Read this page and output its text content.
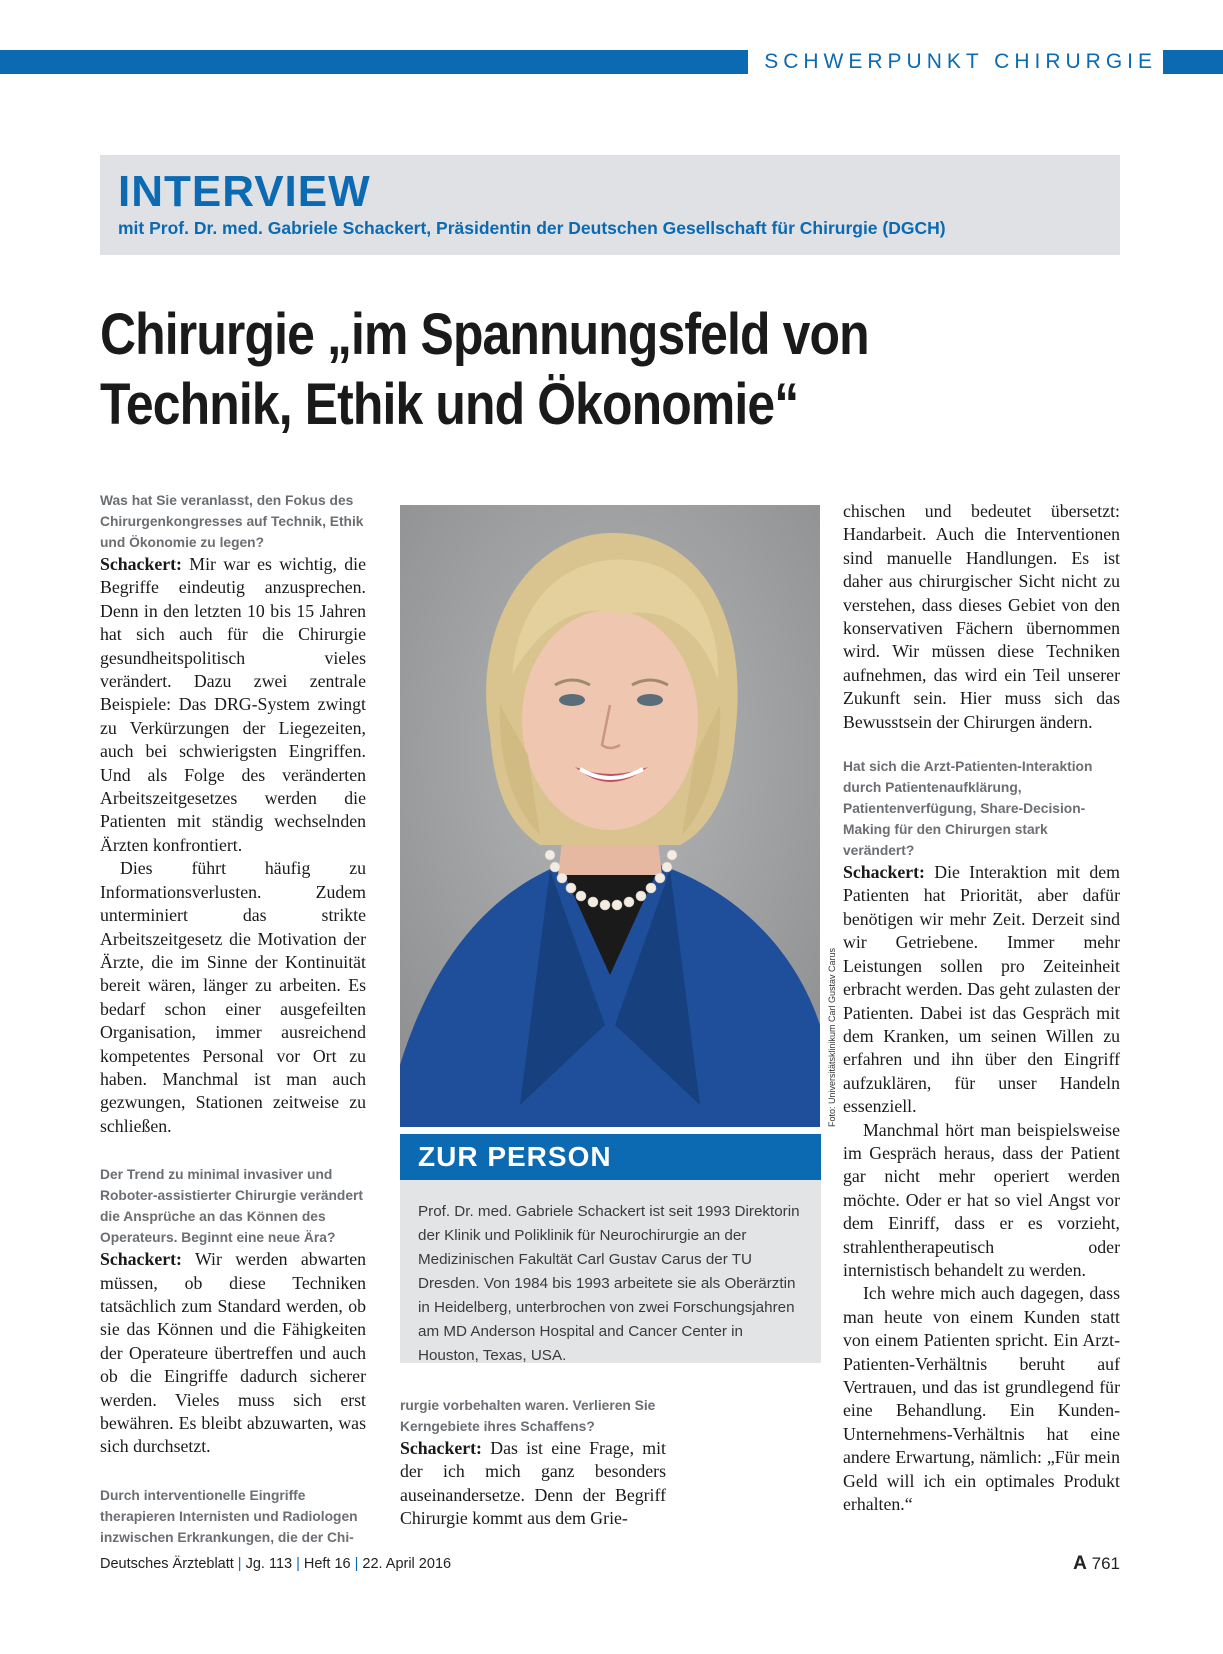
SCHWERPUNKT CHIRURGIE
INTERVIEW
mit Prof. Dr. med. Gabriele Schackert, Präsidentin der Deutschen Gesellschaft für Chirurgie (DGCH)
Chirurgie „im Spannungsfeld von
Technik, Ethik und Ökonomie“

Was hat Sie veranlasst, den Fokus des Chirurgenkongresses auf Technik, Ethik und Ökonomie zu legen?

Schackert: Mir war es wichtig, die Begriffe eindeutig anzusprechen. Denn in den letzten 10 bis 15 Jahren hat sich auch für die Chirurgie gesundheitspolitisch vieles verändert. Dazu zwei zentrale Beispiele: Das DRG-System zwingt zu Verkürzungen der Liegezeiten, auch bei schwierigsten Eingriffen. Und als Folge des veränderten Arbeitszeitgesetzes werden die Patienten mit ständig wechselnden Ärzten konfrontiert.

Dies führt häufig zu Informationsverlusten. Zudem unterminiert das strikte Arbeitszeitgesetz die Motivation der Ärzte, die im Sinne der Kontinuität bereit wären, länger zu arbeiten. Es bedarf schon einer ausgefeilten Organisation, immer ausreichend kompetentes Personal vor Ort zu haben. Manchmal ist man auch gezwungen, Stationen zeitweise zu schließen.

Der Trend zu minimal invasiver und Roboter-assistierter Chirurgie verändert die Ansprüche an das Können des Operateurs. Beginnt eine neue Ära?

Schackert: Wir werden abwarten müssen, ob diese Techniken tatsächlich zum Standard werden, ob sie das Können und die Fähigkeiten der Operateure übertreffen und auch ob die Eingriffe dadurch sicherer werden. Vieles muss sich erst bewähren. Es bleibt abzuwarten, was sich durchsetzt.

Durch interventionelle Eingriffe therapieren Internisten und Radiologen inzwischen Erkrankungen, die der Chi-

Foto: Universitätsklinikum Carl Gustav Carus
ZUR PERSON
Prof. Dr. med. Gabriele Schackert ist seit 1993 Direktorin der Klinik und Poliklinik für Neurochirurgie an der Medizinischen Fakultät Carl Gustav Carus der TU Dresden. Von 1984 bis 1993 arbeitete sie als Oberärztin in Heidelberg, unterbrochen von zwei Forschungsjahren am MD Anderson Hospital and Cancer Center in Houston, Texas, USA.

rurgie vorbehalten waren. Verlieren Sie Kerngebiete ihres Schaffens?

Schackert: Das ist eine Frage, mit der ich mich ganz besonders auseinandersetze. Denn der Begriff Chirurgie kommt aus dem Grie-

chischen und bedeutet übersetzt: Handarbeit. Auch die Interventionen sind manuelle Handlungen. Es ist daher aus chirurgischer Sicht nicht zu verstehen, dass dieses Gebiet von den konservativen Fächern übernommen wird. Wir müssen diese Techniken aufnehmen, das wird ein Teil unserer Zukunft sein. Hier muss sich das Bewusstsein der Chirurgen ändern.

Hat sich die Arzt-Patienten-Interaktion durch Patientenaufklärung, Patientenverfügung, Share-Decision-Making für den Chirurgen stark verändert?

Schackert: Die Interaktion mit dem Patienten hat Priorität, aber dafür benötigen wir mehr Zeit. Derzeit sind wir Getriebene. Immer mehr Leistungen sollen pro Zeiteinheit erbracht werden. Das geht zulasten der Patienten. Dabei ist das Gespräch mit dem Kranken, um seinen Willen zu erfahren und ihn über den Eingriff aufzuklären, für unser Handeln essenziell.

Manchmal hört man beispielsweise im Gespräch heraus, dass der Patient gar nicht mehr operiert werden möchte. Oder er hat so viel Angst vor dem Einriff, dass er es vorzieht, strahlentherapeutisch oder internistisch behandelt zu werden.

Ich wehre mich auch dagegen, dass man heute von einem Kunden statt von einem Patienten spricht. Ein Arzt-Patienten-Verhältnis beruht auf Vertrauen, und das ist grundlegend für eine Behandlung. Ein Kunden-Unternehmens-Verhältnis hat eine andere Erwartung, nämlich: „Für mein Geld will ich ein optimales Produkt erhalten.“

Deutsches Ärzteblatt | Jg. 113 | Heft 16 | 22. April 2016	A 761
